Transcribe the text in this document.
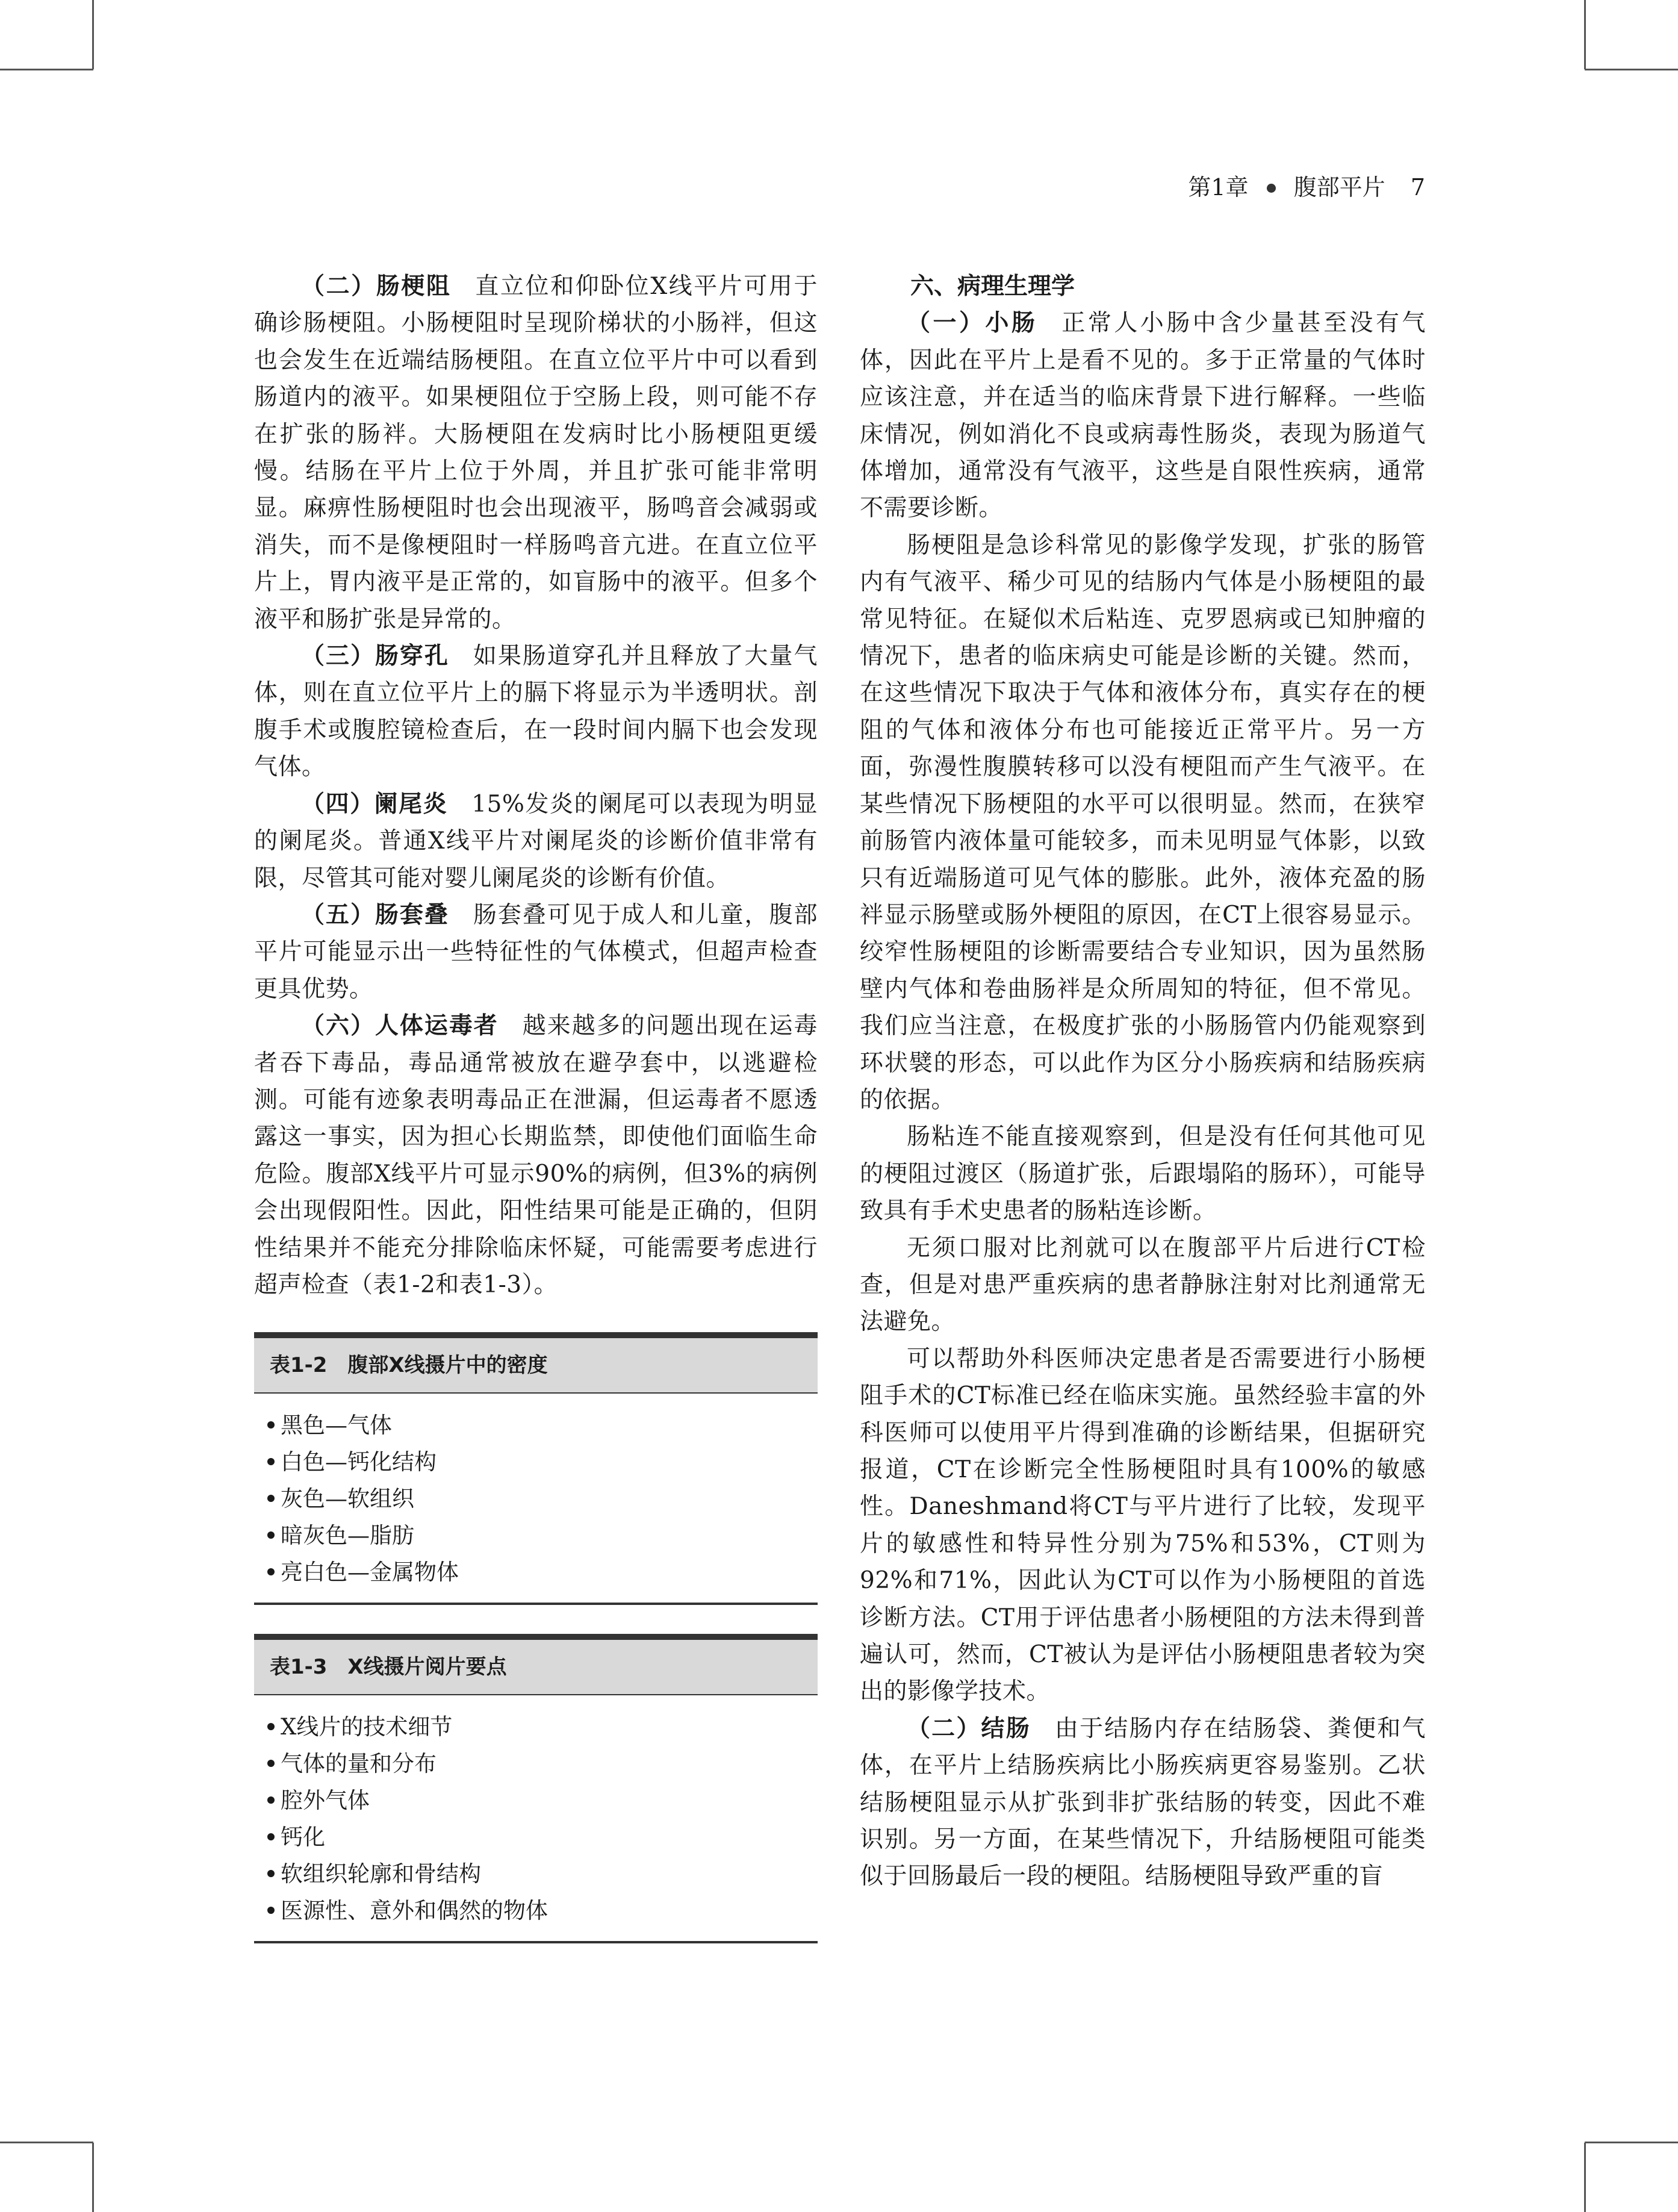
第1章 腹部平片 7

（二）肠梗阻 直立位和仰卧位X线平片可用于确诊肠梗阻。小肠梗阻时呈现阶梯状的小肠袢，但这也会发生在近端结肠梗阻。在直立位平片中可以看到肠道内的液平。如果梗阻位于空肠上段，则可能不存在扩张的肠袢。大肠梗阻在发病时比小肠梗阻更缓慢。结肠在平片上位于外周，并且扩张可能非常明显。麻痹性肠梗阻时也会出现液平，肠鸣音会减弱或消失，而不是像梗阻时一样肠鸣音亢进。在直立位平片上，胃内液平是正常的，如盲肠中的液平。但多个液平和肠扩张是异常的。

（三）肠穿孔 如果肠道穿孔并且释放了大量气体，则在直立位平片上的膈下将显示为半透明状。剖腹手术或腹腔镜检查后，在一段时间内膈下也会发现气体。

（四）阑尾炎 15%发炎的阑尾可以表现为明显的阑尾炎。普通X线平片对阑尾炎的诊断价值非常有限，尽管其可能对婴儿阑尾炎的诊断有价值。

（五）肠套叠 肠套叠可见于成人和儿童，腹部平片可能显示出一些特征性的气体模式，但超声检查更具优势。

（六）人体运毒者 越来越多的问题出现在运毒者吞下毒品，毒品通常被放在避孕套中，以逃避检测。可能有迹象表明毒品正在泄漏，但运毒者不愿透露这一事实，因为担心长期监禁，即使他们面临生命危险。腹部X线平片可显示90%的病例，但3%的病例会出现假阳性。因此，阳性结果可能是正确的，但阴性结果并不能充分排除临床怀疑，可能需要考虑进行超声检查（表1-2和表1-3）。

表1-2　腹部X线摄片中的密度
黑色—气体
白色—钙化结构
灰色—软组织
暗灰色—脂肪
亮白色—金属物体
表1-3　X线摄片阅片要点
X线片的技术细节
气体的量和分布
腔外气体
钙化
软组织轮廓和骨结构
医源性、意外和偶然的物体
六、病理生理学

（一）小肠 正常人小肠中含少量甚至没有气体，因此在平片上是看不见的。多于正常量的气体时应该注意，并在适当的临床背景下进行解释。一些临床情况，例如消化不良或病毒性肠炎，表现为肠道气体增加，通常没有气液平，这些是自限性疾病，通常不需要诊断。

肠梗阻是急诊科常见的影像学发现，扩张的肠管内有气液平、稀少可见的结肠内气体是小肠梗阻的最常见特征。在疑似术后粘连、克罗恩病或已知肿瘤的情况下，患者的临床病史可能是诊断的关键。然而，在这些情况下取决于气体和液体分布，真实存在的梗阻的气体和液体分布也可能接近正常平片。另一方面，弥漫性腹膜转移可以没有梗阻而产生气液平。在某些情况下肠梗阻的水平可以很明显。然而，在狭窄前肠管内液体量可能较多，而未见明显气体影，以致只有近端肠道可见气体的膨胀。此外，液体充盈的肠袢显示肠壁或肠外梗阻的原因，在CT上很容易显示。绞窄性肠梗阻的诊断需要结合专业知识，因为虽然肠壁内气体和卷曲肠袢是众所周知的特征，但不常见。我们应当注意，在极度扩张的小肠肠管内仍能观察到环状襞的形态，可以此作为区分小肠疾病和结肠疾病的依据。

肠粘连不能直接观察到，但是没有任何其他可见的梗阻过渡区（肠道扩张，后跟塌陷的肠环），可能导致具有手术史患者的肠粘连诊断。

无须口服对比剂就可以在腹部平片后进行CT检查，但是对患严重疾病的患者静脉注射对比剂通常无法避免。

可以帮助外科医师决定患者是否需要进行小肠梗阻手术的CT标准已经在临床实施。虽然经验丰富的外科医师可以使用平片得到准确的诊断结果，但据研究报道，CT在诊断完全性肠梗阻时具有100%的敏感性。Daneshmand将CT与平片进行了比较，发现平片的敏感性和特异性分别为75%和53%，CT则为92%和71%，因此认为CT可以作为小肠梗阻的首选诊断方法。CT用于评估患者小肠梗阻的方法未得到普遍认可，然而，CT被认为是评估小肠梗阻患者较为突出的影像学技术。

（二）结肠 由于结肠内存在结肠袋、粪便和气体，在平片上结肠疾病比小肠疾病更容易鉴别。乙状结肠梗阻显示从扩张到非扩张结肠的转变，因此不难识别。另一方面，在某些情况下，升结肠梗阻可能类似于回肠最后一段的梗阻。结肠梗阻导致严重的盲
